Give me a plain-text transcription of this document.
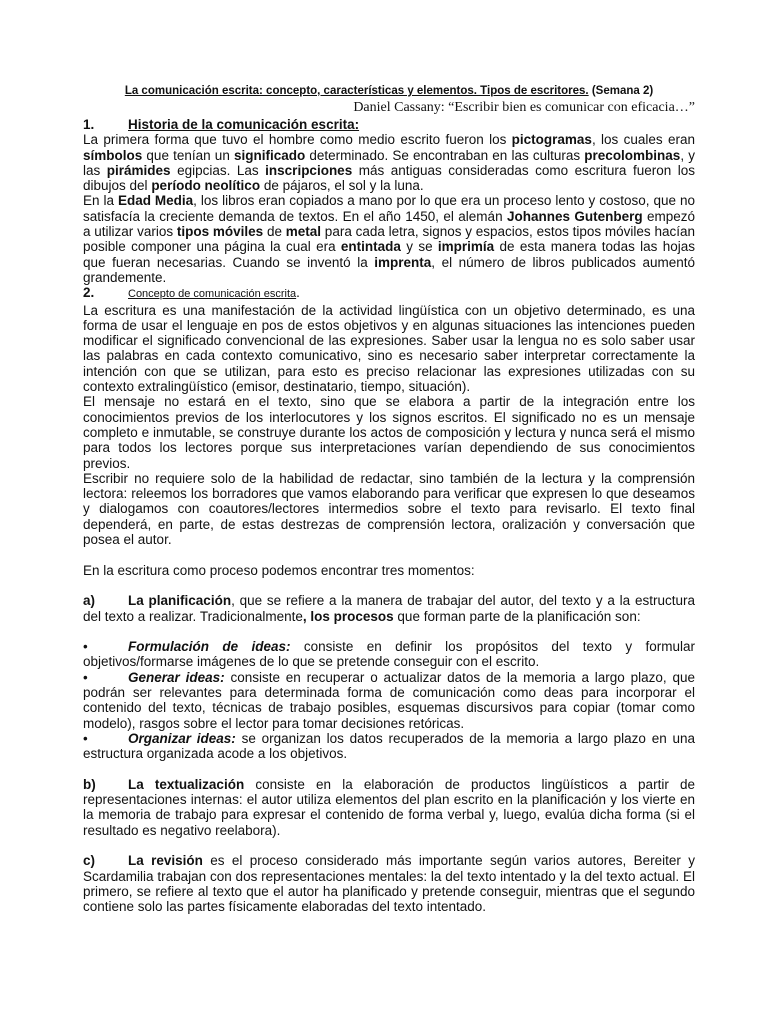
La comunicación escrita: concepto, características y elementos. Tipos de escritores. (Semana 2)

Daniel Cassany: “Escribir bien es comunicar con eficacia…”

1.	Historia de la comunicación escrita:

La primera forma que tuvo el hombre como medio escrito fueron los pictogramas, los cuales eran símbolos que tenían un significado determinado. Se encontraban en las culturas precolombinas, y las pirámides egipcias. Las inscripciones más antiguas consideradas como escritura fueron los dibujos del período neolítico de pájaros, el sol y la luna.

En la Edad Media, los libros eran copiados a mano por lo que era un proceso lento y costoso, que no satisfacía la creciente demanda de textos. En el año 1450, el alemán Johannes Gutenberg empezó a utilizar varios tipos móviles de metal para cada letra, signos y espacios, estos tipos móviles hacían posible componer una página la cual era entintada y se imprimía de esta manera todas las hojas que fueran necesarias. Cuando se inventó la imprenta, el número de libros publicados aumentó grandemente.

2.	Concepto de comunicación escrita.

La escritura es una manifestación de la actividad lingüística con un objetivo determinado, es una forma de usar el lenguaje en pos de estos objetivos y en algunas situaciones las intenciones pueden modificar el significado convencional de las expresiones. Saber usar la lengua no es solo saber usar las palabras en cada contexto comunicativo, sino es necesario saber interpretar correctamente la intención con que se utilizan, para esto es preciso relacionar las expresiones utilizadas con su contexto extralingüístico (emisor, destinatario, tiempo, situación).

El mensaje no estará en el texto, sino que se elabora a partir de la integración entre los conocimientos previos de los interlocutores y los signos escritos. El significado no es un mensaje completo e inmutable, se construye durante los actos de composición y lectura y nunca será el mismo para todos los lectores porque sus interpretaciones varían dependiendo de sus conocimientos previos.

Escribir no requiere solo de la habilidad de redactar, sino también de la lectura y la comprensión lectora: releemos los borradores que vamos elaborando para verificar que expresen lo que deseamos y dialogamos con coautores/lectores intermedios sobre el texto para revisarlo. El texto final dependerá, en parte, de estas destrezas de comprensión lectora, oralización y conversación que posea el autor.

En la escritura como proceso podemos encontrar tres momentos:

a) La planificación, que se refiere a la manera de trabajar del autor, del texto y a la estructura del texto a realizar. Tradicionalmente, los procesos que forman parte de la planificación son:

•	Formulación de ideas: consiste en definir los propósitos del texto y formular objetivos/formarse imágenes de lo que se pretende conseguir con el escrito.

•	Generar ideas: consiste en recuperar o actualizar datos de la memoria a largo plazo, que podrán ser relevantes para determinada forma de comunicación como deas para incorporar el contenido del texto, técnicas de trabajo posibles, esquemas discursivos para copiar (tomar como modelo), rasgos sobre el lector para tomar decisiones retóricas.

•	Organizar ideas: se organizan los datos recuperados de la memoria a largo plazo en una estructura organizada acode a los objetivos.

b) La textualización consiste en la elaboración de productos lingüísticos a partir de representaciones internas: el autor utiliza elementos del plan escrito en la planificación y los vierte en la memoria de trabajo para expresar el contenido de forma verbal y, luego, evalúa dicha forma (si el resultado es negativo reelabora).

c) La revisión es el proceso considerado más importante según varios autores, Bereiter y Scardamilia trabajan con dos representaciones mentales: la del texto intentado y la del texto actual. El primero, se refiere al texto que el autor ha planificado y pretende conseguir, mientras que el segundo contiene solo las partes físicamente elaboradas del texto intentado.
